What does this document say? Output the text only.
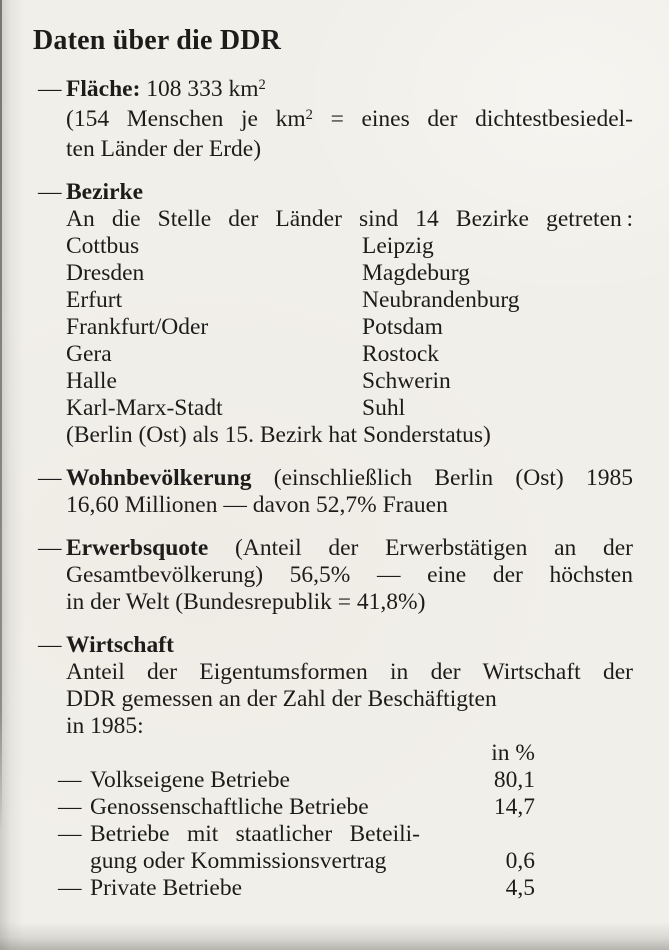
Daten über die DDR
— Fläche: 108 333 $km^2$
(154 Menschen je $km^2$ = eines der dichtestbesiedel-
ten Länder der Erde)
— Bezirke
An die Stelle der Länder sind 14 Bezirke getreten :
Cottbus	Leipzig
Dresden	Magdeburg
Erfurt	Neubrandenburg
Frankfurt/Oder	Potsdam
Gera	Rostock
Halle	Schwerin
Karl-Marx-Stadt	Suhl
(Berlin (Ost) als 15. Bezirk hat Sonderstatus)
— Wohnbevölkerung (einschließlich Berlin (Ost) 1985
16,60 Millionen — davon 52,7% Frauen
— Erwerbsquote (Anteil der Erwerbstätigen an der
Gesamtbevölkerung) 56,5% — eine der höchsten
in der Welt (Bundesrepublik = 41,8%)
— Wirtschaft
Anteil der Eigentumsformen in der Wirtschaft der
DDR gemessen an der Zahl der Beschäftigten
in 1985:
in %
— Volkseigene Betriebe	80,1
— Genossenschaftliche Betriebe	14,7
— Betriebe mit staatlicher Beteili-
gung oder Kommissionsvertrag	0,6
— Private Betriebe	4,5
